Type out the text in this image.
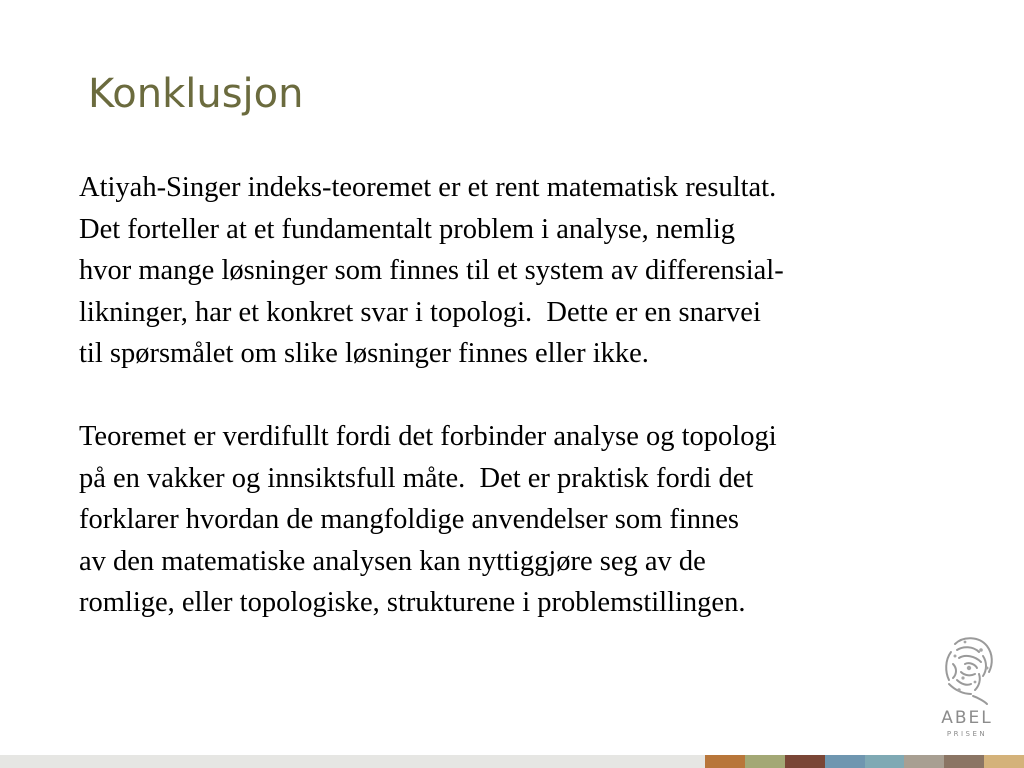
Konklusjon

Atiyah-Singer indeks-teoremet er et rent matematisk resultat.
Det forteller at et fundamentalt problem i analyse, nemlig
hvor mange løsninger som finnes til et system av differensial-
likninger, har et konkret svar i topologi.  Dette er en snarvei
til spørsmålet om slike løsninger finnes eller ikke.

Teoremet er verdifullt fordi det forbinder analyse og topologi
på en vakker og innsiktsfull måte.  Det er praktisk fordi det
forklarer hvordan de mangfoldige anvendelser som finnes
av den matematiske analysen kan nyttiggjøre seg av de
romlige, eller topologiske, strukturene i problemstillingen.

ABEL
PRISEN
